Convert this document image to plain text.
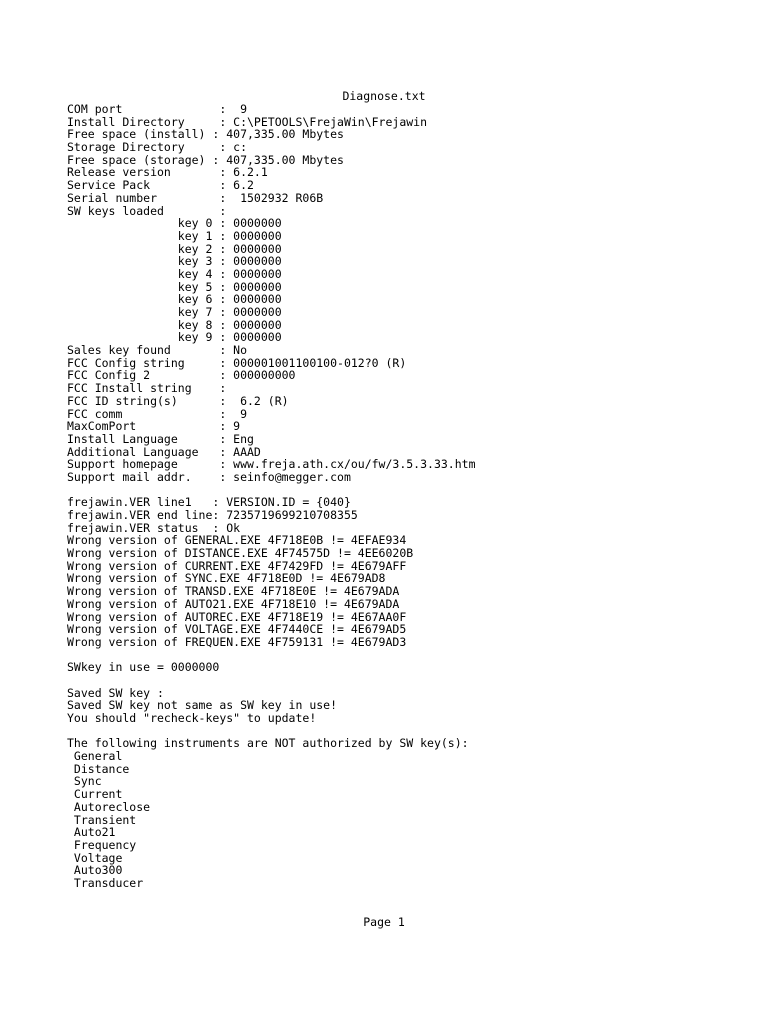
Diagnose.txt
COM port              :  9
Install Directory     : C:\PETOOLS\FrejaWin\Frejawin
Free space (install) : 407,335.00 Mbytes
Storage Directory     : c:
Free space (storage) : 407,335.00 Mbytes
Release version       : 6.2.1
Service Pack          : 6.2
Serial number         :  1502932 R06B
SW keys loaded        :
key 0 : 0000000
key 1 : 0000000
key 2 : 0000000
key 3 : 0000000
key 4 : 0000000
key 5 : 0000000
key 6 : 0000000
key 7 : 0000000
key 8 : 0000000
key 9 : 0000000
Sales key found       : No
FCC Config string     : 000001001100100-012?0 (R)
FCC Config 2          : 000000000
FCC Install string    :
FCC ID string(s)      :  6.2 (R)
FCC comm              :  9
MaxComPort            : 9
Install Language      : Eng
Additional Language   : AAAD
Support homepage      : www.freja.ath.cx/ou/fw/3.5.3.33.htm
Support mail addr.    : seinfo@megger.com
frejawin.VER line1   : VERSION.ID = {040}
frejawin.VER end line: 7235719699210708355
frejawin.VER status  : Ok
Wrong version of GENERAL.EXE 4F718E0B != 4EFAE934
Wrong version of DISTANCE.EXE 4F74575D != 4EE6020B
Wrong version of CURRENT.EXE 4F7429FD != 4E679AFF
Wrong version of SYNC.EXE 4F718E0D != 4E679AD8
Wrong version of TRANSD.EXE 4F718E0E != 4E679ADA
Wrong version of AUTO21.EXE 4F718E10 != 4E679ADA
Wrong version of AUTOREC.EXE 4F718E19 != 4E67AA0F
Wrong version of VOLTAGE.EXE 4F7440CE != 4E679AD5
Wrong version of FREQUEN.EXE 4F759131 != 4E679AD3
SWkey in use = 0000000
Saved SW key :
Saved SW key not same as SW key in use!
You should "recheck-keys" to update!
The following instruments are NOT authorized by SW key(s):
General
Distance
Sync
Current
Autoreclose
Transient
Auto21
Frequency
Voltage
Auto300
Transducer
Page 1
